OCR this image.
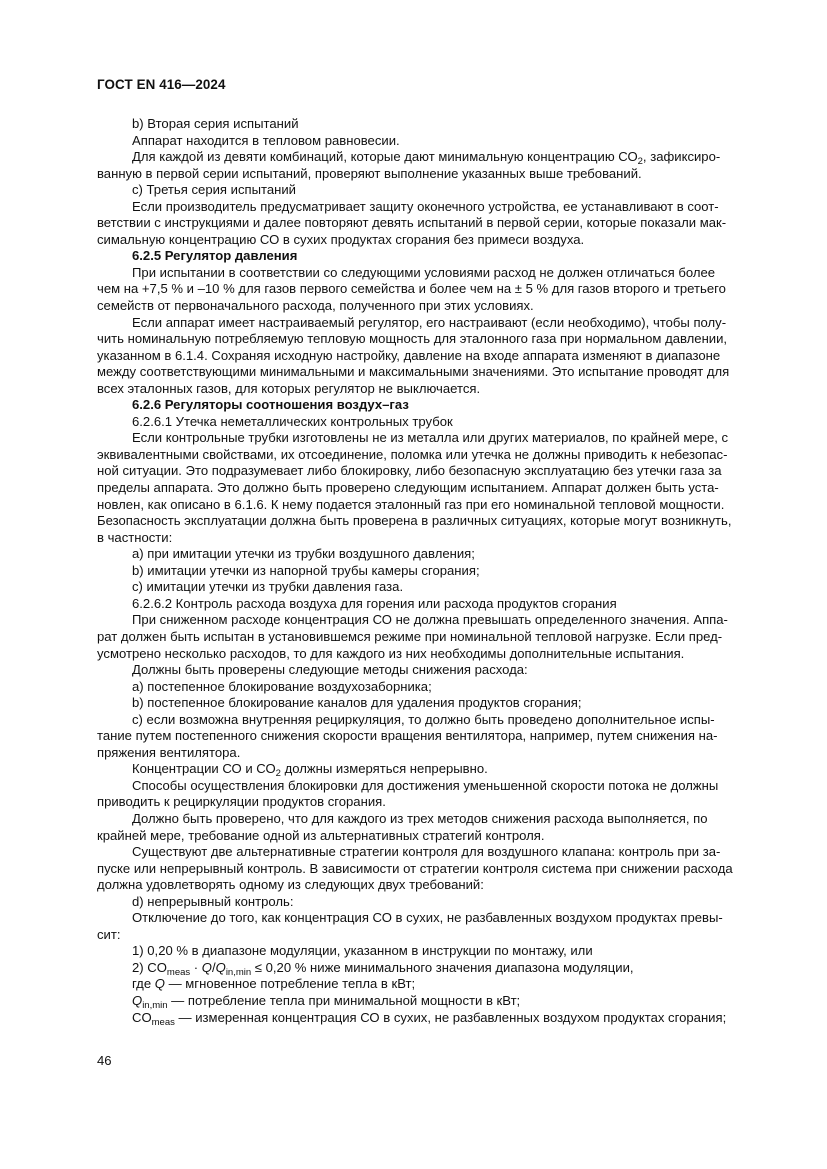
ГОСТ EN 416—2024

b) Вторая серия испытаний

Аппарат находится в тепловом равновесии.

Для каждой из девяти комбинаций, которые дают минимальную концентрацию $СО_2$, зафиксиро-

ванную в первой серии испытаний, проверяют выполнение указанных выше требований.

с) Третья серия испытаний

Если производитель предусматривает защиту оконечного устройства, ее устанавливают в соот-

ветствии с инструкциями и далее повторяют девять испытаний в первой серии, которые показали мак-

симальную концентрацию СО в сухих продуктах сгорания без примеси воздуха.

6.2.5 Регулятор давления

При испытании в соответствии со следующими условиями расход не должен отличаться более

чем на +7,5 % и –10 % для газов первого семейства и более чем на ± 5 % для газов второго и третьего

семейств от первоначального расхода, полученного при этих условиях.

Если аппарат имеет настраиваемый регулятор, его настраивают (если необходимо), чтобы полу-

чить номинальную потребляемую тепловую мощность для эталонного газа при нормальном давлении,

указанном в 6.1.4. Сохраняя исходную настройку, давление на входе аппарата изменяют в диапазоне

между соответствующими минимальными и максимальными значениями. Это испытание проводят для

всех эталонных газов, для которых регулятор не выключается.

6.2.6 Регуляторы соотношения воздух–газ

6.2.6.1 Утечка неметаллических контрольных трубок

Если контрольные трубки изготовлены не из металла или других материалов, по крайней мере, с

эквивалентными свойствами, их отсоединение, поломка или утечка не должны приводить к небезопас-

ной ситуации. Это подразумевает либо блокировку, либо безопасную эксплуатацию без утечки газа за

пределы аппарата. Это должно быть проверено следующим испытанием. Аппарат должен быть уста-

новлен, как описано в 6.1.6. К нему подается эталонный газ при его номинальной тепловой мощности.

Безопасность эксплуатации должна быть проверена в различных ситуациях, которые могут возникнуть,

в частности:

a) при имитации утечки из трубки воздушного давления;

b) имитации утечки из напорной трубы камеры сгорания;

c) имитации утечки из трубки давления газа.

6.2.6.2 Контроль расхода воздуха для горения или расхода продуктов сгорания

При сниженном расходе концентрация СО не должна превышать определенного значения. Аппа-

рат должен быть испытан в установившемся режиме при номинальной тепловой нагрузке. Если пред-

усмотрено несколько расходов, то для каждого из них необходимы дополнительные испытания.

Должны быть проверены следующие методы снижения расхода:

a) постепенное блокирование воздухозаборника;

b) постепенное блокирование каналов для удаления продуктов сгорания;

c) если возможна внутренняя рециркуляция, то должно быть проведено дополнительное испы-

тание путем постепенного снижения скорости вращения вентилятора, например, путем снижения на-

пряжения вентилятора.

Концентрации СО и $СО_2$ должны измеряться непрерывно.

Способы осуществления блокировки для достижения уменьшенной скорости потока не должны

приводить к рециркуляции продуктов сгорания.

Должно быть проверено, что для каждого из трех методов снижения расхода выполняется, по

крайней мере, требование одной из альтернативных стратегий контроля.

Существуют две альтернативные стратегии контроля для воздушного клапана: контроль при за-

пуске или непрерывный контроль. В зависимости от стратегии контроля система при снижении расхода

должна удовлетворять одному из следующих двух требований:

d) непрерывный контроль:

Отключение до того, как концентрация СО в сухих, не разбавленных воздухом продуктах превы-

сит:

1) 0,20 % в диапазоне модуляции, указанном в инструкции по монтажу, или

2) $CO_{meas} \cdot Q/Q_{in,min} \le 0,20$ % ниже минимального значения диапазона модуляции,

где Q — мгновенное потребление тепла в кВт;

$Q_{in,min}$ — потребление тепла при минимальной мощности в кВт;

$CO_{meas}$ — измеренная концентрация СО в сухих, не разбавленных воздухом продуктах сгорания;

46
